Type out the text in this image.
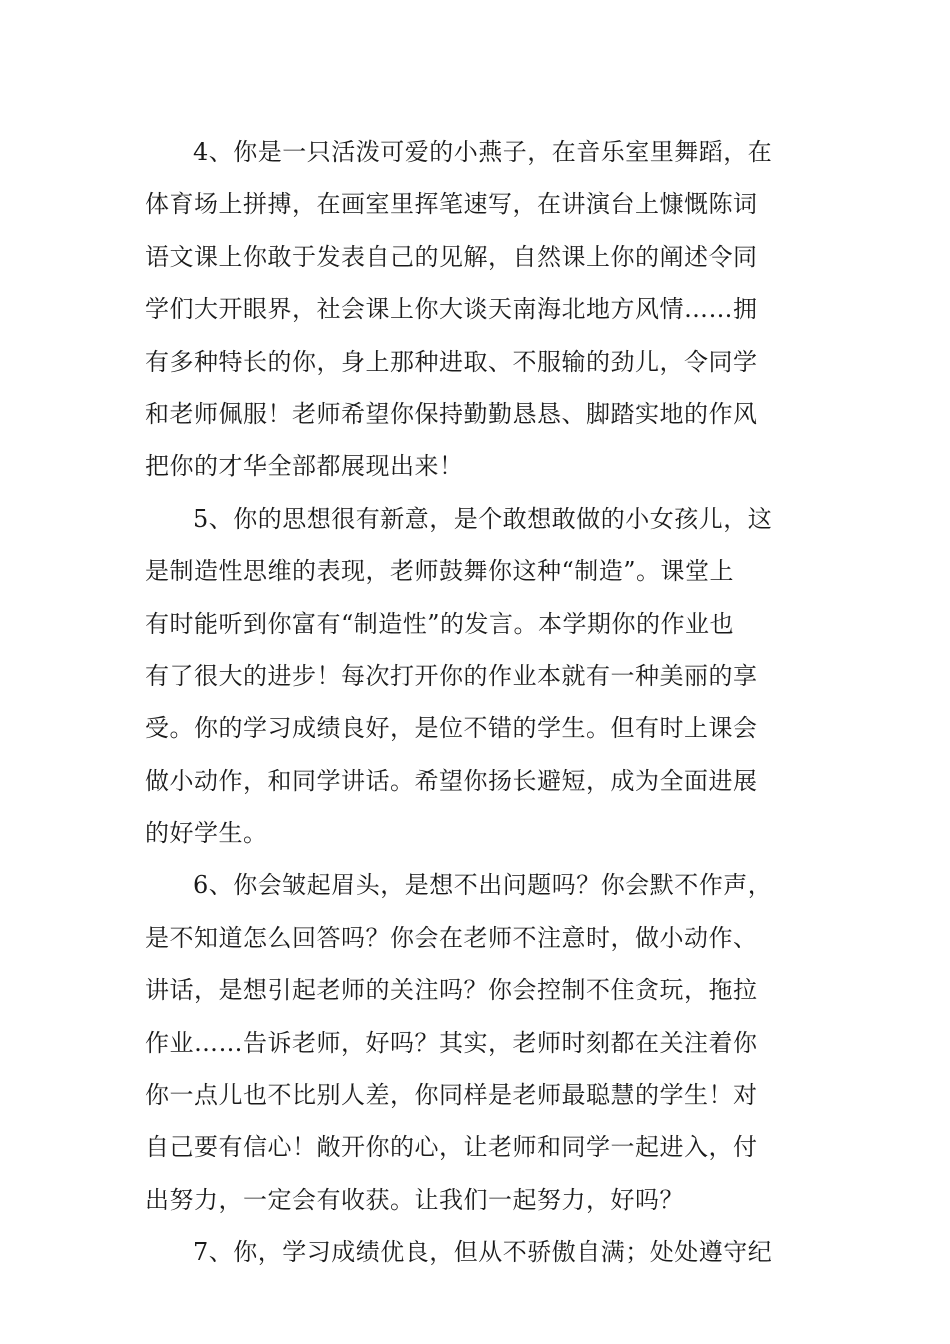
4、你是一只活泼可爱的小燕子，在音乐室里舞蹈，在
体育场上拼搏，在画室里挥笔速写，在讲演台上慷慨陈词
语文课上你敢于发表自己的见解，自然课上你的阐述令同
学们大开眼界，社会课上你大谈天南海北地方风情……拥
有多种特长的你，身上那种进取、不服输的劲儿，令同学
和老师佩服！老师希望你保持勤勤恳恳、脚踏实地的作风
把你的才华全部都展现出来！
5、你的思想很有新意，是个敢想敢做的小女孩儿，这
是制造性思维的表现，老师鼓舞你这种“制造”。课堂上
有时能听到你富有“制造性”的发言。本学期你的作业也
有了很大的进步！每次打开你的作业本就有一种美丽的享
受。你的学习成绩良好，是位不错的学生。但有时上课会
做小动作，和同学讲话。希望你扬长避短，成为全面进展
的好学生。
6、你会皱起眉头，是想不出问题吗？你会默不作声，
是不知道怎么回答吗？你会在老师不注意时，做小动作、
讲话，是想引起老师的关注吗？你会控制不住贪玩，拖拉
作业……告诉老师，好吗？其实，老师时刻都在关注着你
你一点儿也不比别人差，你同样是老师最聪慧的学生！对
自己要有信心！敞开你的心，让老师和同学一起进入，付
出努力，一定会有收获。让我们一起努力，好吗？
7、你，学习成绩优良，但从不骄傲自满；处处遵守纪
